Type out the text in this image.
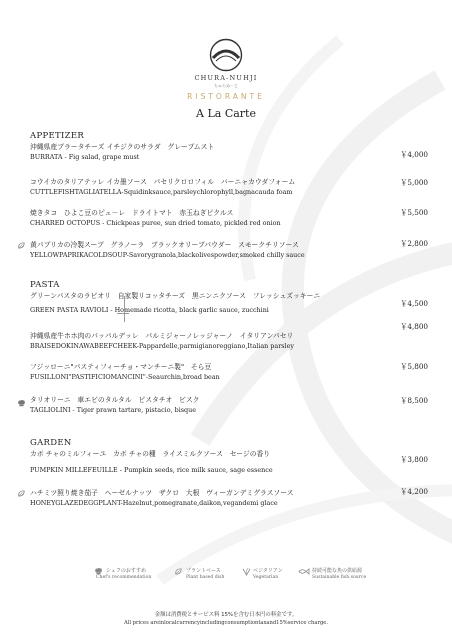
CHURA-NUHJI
ちゅらぬーじ
RISTORANTE
A La Carte
APPETIZER
沖縄県産ブラータチーズ イチジクのサラダ　グレープムスト
BURRATA - Fig salad, grape must	￥4,000
コウイカのタリアテッレ イカ墨ソース　パセリクロロフィル　バーニャカウダフォーム
CUTTLEFISHTAGLIATELLA-Squidinksauce,parsleychlorophyll,bagnacauda foam
￥5,000
焼きタコ　ひよこ豆のピュ－レ　ドライトマト　赤玉ねぎピクルス
CHARRED OCTOPUS - Chickpeas puree, sun dried tomato, pickled red onion
￥5,500
黄パプリカの冷製スープ　グラノーラ　ブラックオリーブパウダー　スモークチリソース
YELLOWPAPRIKACOLDSOUP-Savorygranola,blackolivespowder,smoked chilly sauce
￥2,800
PASTA
グリーンパスタのラビオリ　自家製リコッタチーズ　黒ニンニクソース　フレッシュズッキーニ
GREEN PASTA RAVIOLI - Homemade ricotta, black garlic sauce, zucchini
￥4,500
沖縄県産牛ホホ肉のパッパルデッレ　パルミジャーノレッジャーノ　イタリアンパセリ
BRAISEDOKINAWABEEFCHEEK-Pappardelle,parmigianoreggiano,Italian parsley
￥4,800
フジッローニ"パスティフィーチョ・マンチーニ製"　そら豆
FUSILLONI"PASTIFICIOMANCINI"-Seaurchin,broad bean
￥5,800
タリオリーニ　車エビのタルタル　ピスタチオ　ビスク
TAGLIOLINI - Tiger prawn tartare, pistacio, bisque
￥8,500
GARDEN
カボ チャのミルフィーユ　カボ チャの種　ライスミルクソース　セージの香り
PUMPKIN MILLEFEUILLE - Pumpkin seeds, rice milk sauce, sage essence
￥3,800
ハチミツ照り焼き茄子　ヘーゼルナッツ　ザクロ　大根　ヴィーガンデミグラスソース
HONEYGLAZEDEGGPLANT-Hazelnut,pomegranate,daikon,vegandemi glace
￥4,200
シェフのおすすめ
Chef's recommendation
プラントベース
Plant based dish
ベジタリアン
Vegetarian
持続可能な魚の供給源
Sustainable fish source
金額は消費税とサービス料 15%を含む日本円の料金です。
All prices areinlocalcurrencyincludingconsumptiontaxand15%service charge.
